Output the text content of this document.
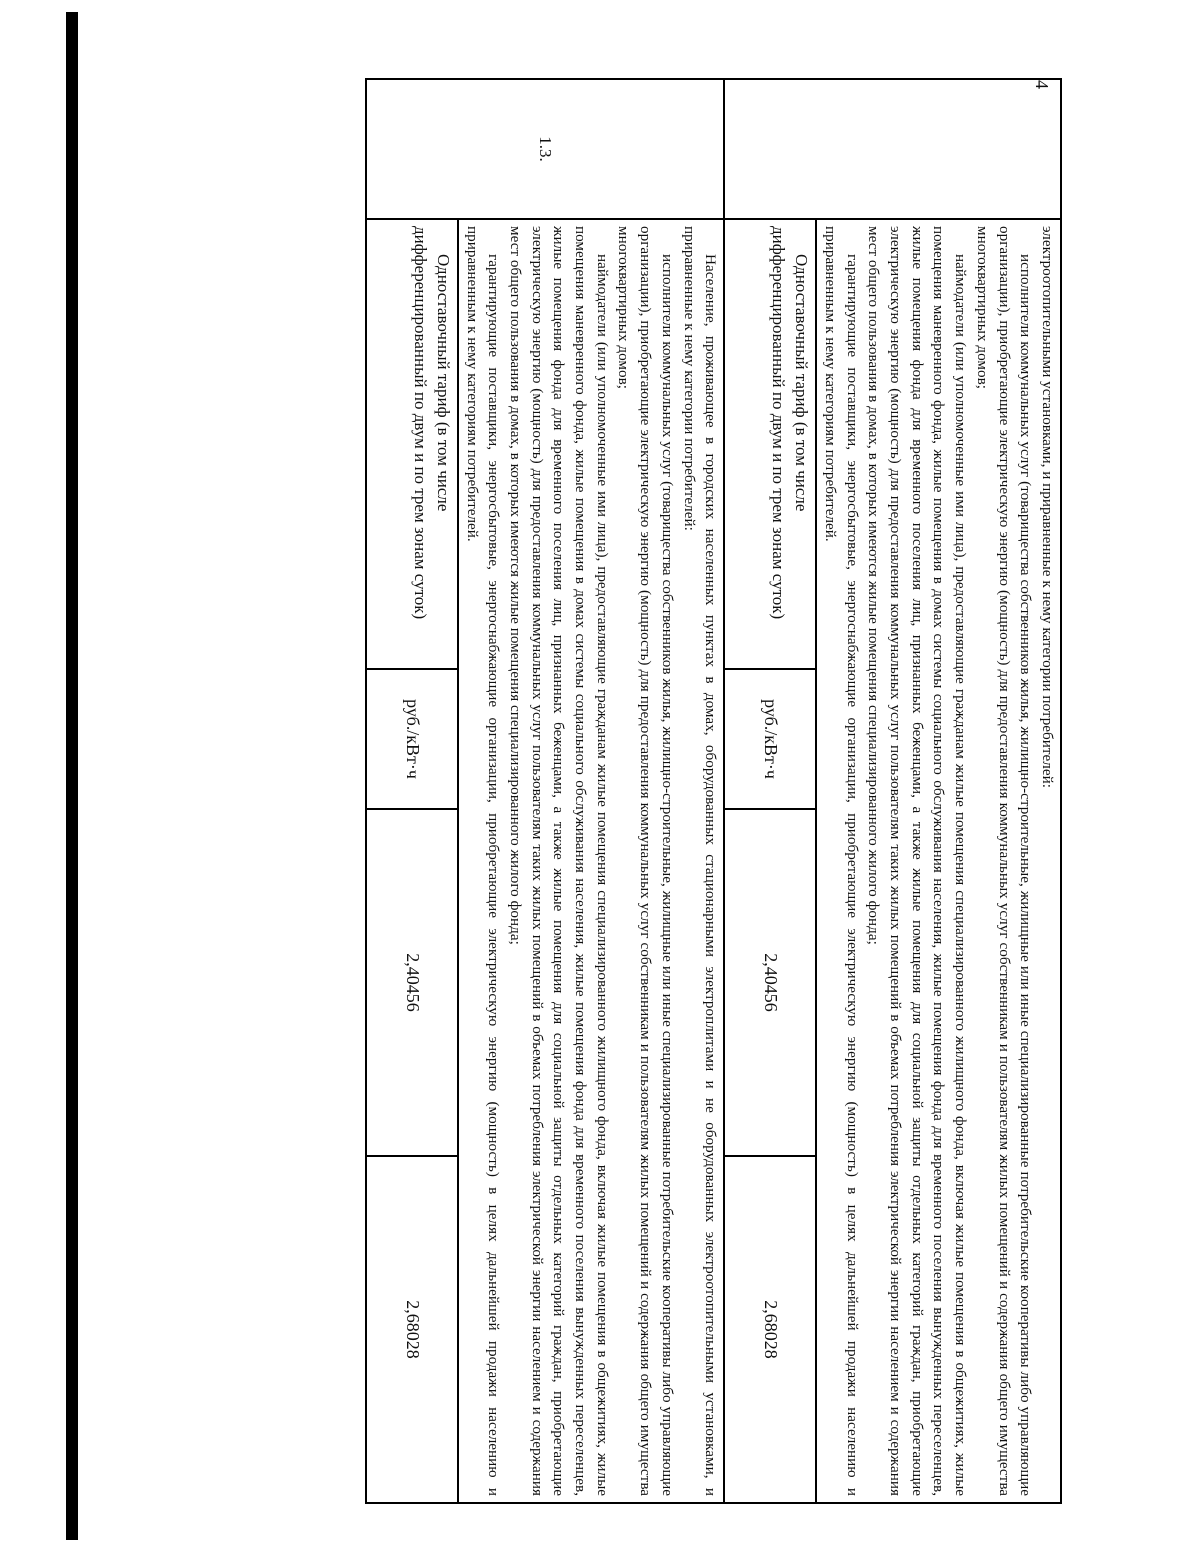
4

	электроотопительными установками, и приравненные к нему категории потребителей:

исполнители коммунальных услуг (товарищества собственников жилья, жилищно-строительные, жилищные или иные специализированные потребительские кооперативы либо управляющие организации), приобретающие электрическую энергию (мощность) для предоставления коммунальных услуг собственникам и пользователям жилых помещений и содержания общего имущества многоквартирных домов;

наймодатели (или уполномоченные ими лица), предоставляющие гражданам жилые помещения специализированного жилищного фонда, включая жилые помещения в общежитиях, жилые помещения маневренного фонда, жилые помещения в домах системы социального обслуживания населения, жилые помещения фонда для временного поселения вынужденных переселенцев, жилые помещения фонда для временного поселения лиц, признанных беженцами, а также жилые помещения для социальной защиты отдельных категорий граждан, приобретающие электрическую энергию (мощность) для предоставления коммунальных услуг пользователям таких жилых помещений в объемах потребления электрической энергии населением и содержания мест общего пользования в домах, в которых имеются жилые помещения специализированного жилого фонда;

гарантирующие поставщики, энергосбытовые, энергоснабжающие организации, приобретающие электрическую энергию (мощность) в целях дальнейшей продажи населению и приравненным к нему категориям потребителей.			

	Одноставочный тариф (в том числе дифференцированный по двум и по трем зонам суток)	руб./кВт·ч	2,40456	2,68028
1.3.	Население, проживающее в городских населенных пунктах в домах, оборудованных стационарными электроплитами и не оборудованных электроотопительными установками, и приравненные к нему категории потребителей:

исполнители коммунальных услуг (товарищества собственников жилья, жилищно-строительные, жилищные или иные специализированные потребительские кооперативы либо управляющие организации), приобретающие электрическую энергию (мощность) для предоставления коммунальных услуг собственникам и пользователям жилых помещений и содержания общего имущества многоквартирных домов;

наймодатели (или уполномоченные ими лица), предоставляющие гражданам жилые помещения специализированного жилищного фонда, включая жилые помещения в общежитиях, жилые помещения маневренного фонда, жилые помещения в домах системы социального обслуживания населения, жилые помещения фонда для временного поселения вынужденных переселенцев, жилые помещения фонда для временного поселения лиц, признанных беженцами, а также жилые помещения для социальной защиты отдельных категорий граждан, приобретающие электрическую энергию (мощность) для предоставления коммунальных услуг пользователям таких жилых помещений в объемах потребления электрической энергии населением и содержания мест общего пользования в домах, в которых имеются жилые помещения специализированного жилого фонда;

гарантирующие поставщики, энергосбытовые, энергоснабжающие организации, приобретающие электрическую энергию (мощность) в целях дальнейшей продажи населению и приравненным к нему категориям потребителей.			

	Одноставочный тариф (в том числе дифференцированный по двум и по трем зонам суток)	руб./кВт·ч	2,40456	2,68028
